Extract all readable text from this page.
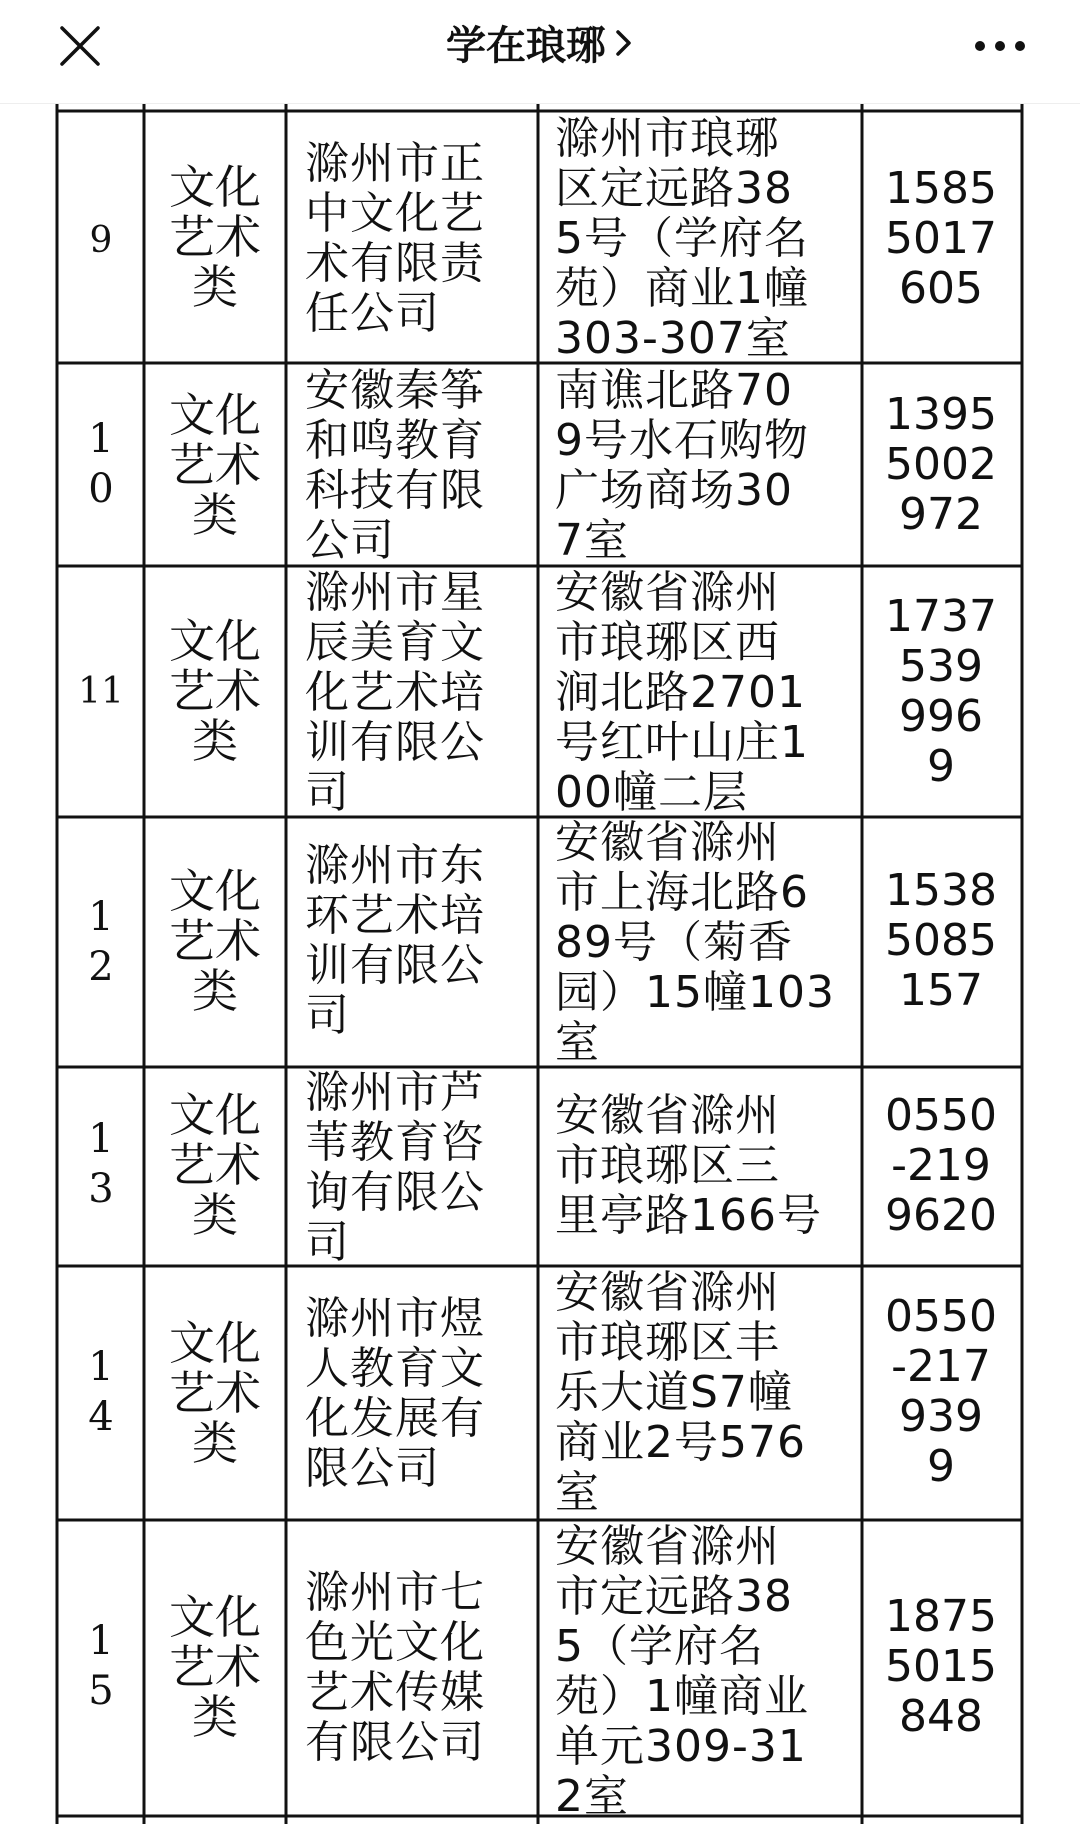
学在琅琊
9
文化
艺术
类
滁州市正
中文化艺
术有限责
任公司
滁州市琅琊
区定远路38
5号（学府名
苑）商业1幢
303-307室
1585
5017
605
1
0
文化
艺术
类
安徽秦筝
和鸣教育
科技有限
公司
南谯北路70
9号水石购物
广场商场30
7室
1395
5002
972
11
文化
艺术
类
滁州市星
辰美育文
化艺术培
训有限公
司
安徽省滁州
市琅琊区西
涧北路2701
号红叶山庄1
00幢二层
1737
539
996
9
1
2
文化
艺术
类
滁州市东
环艺术培
训有限公
司
安徽省滁州
市上海北路6
89号（菊香
园）15幢103
室
1538
5085
157
1
3
文化
艺术
类
滁州市芦
苇教育咨
询有限公
司
安徽省滁州
市琅琊区三
里亭路166号
0550
-219
9620
1
4
文化
艺术
类
滁州市煜
人教育文
化发展有
限公司
安徽省滁州
市琅琊区丰
乐大道S7幢
商业2号576
室
0550
-217
939
9
1
5
文化
艺术
类
滁州市七
色光文化
艺术传媒
有限公司
安徽省滁州
市定远路38
5（学府名
苑）1幢商业
单元309-31
2室
1875
5015
848
